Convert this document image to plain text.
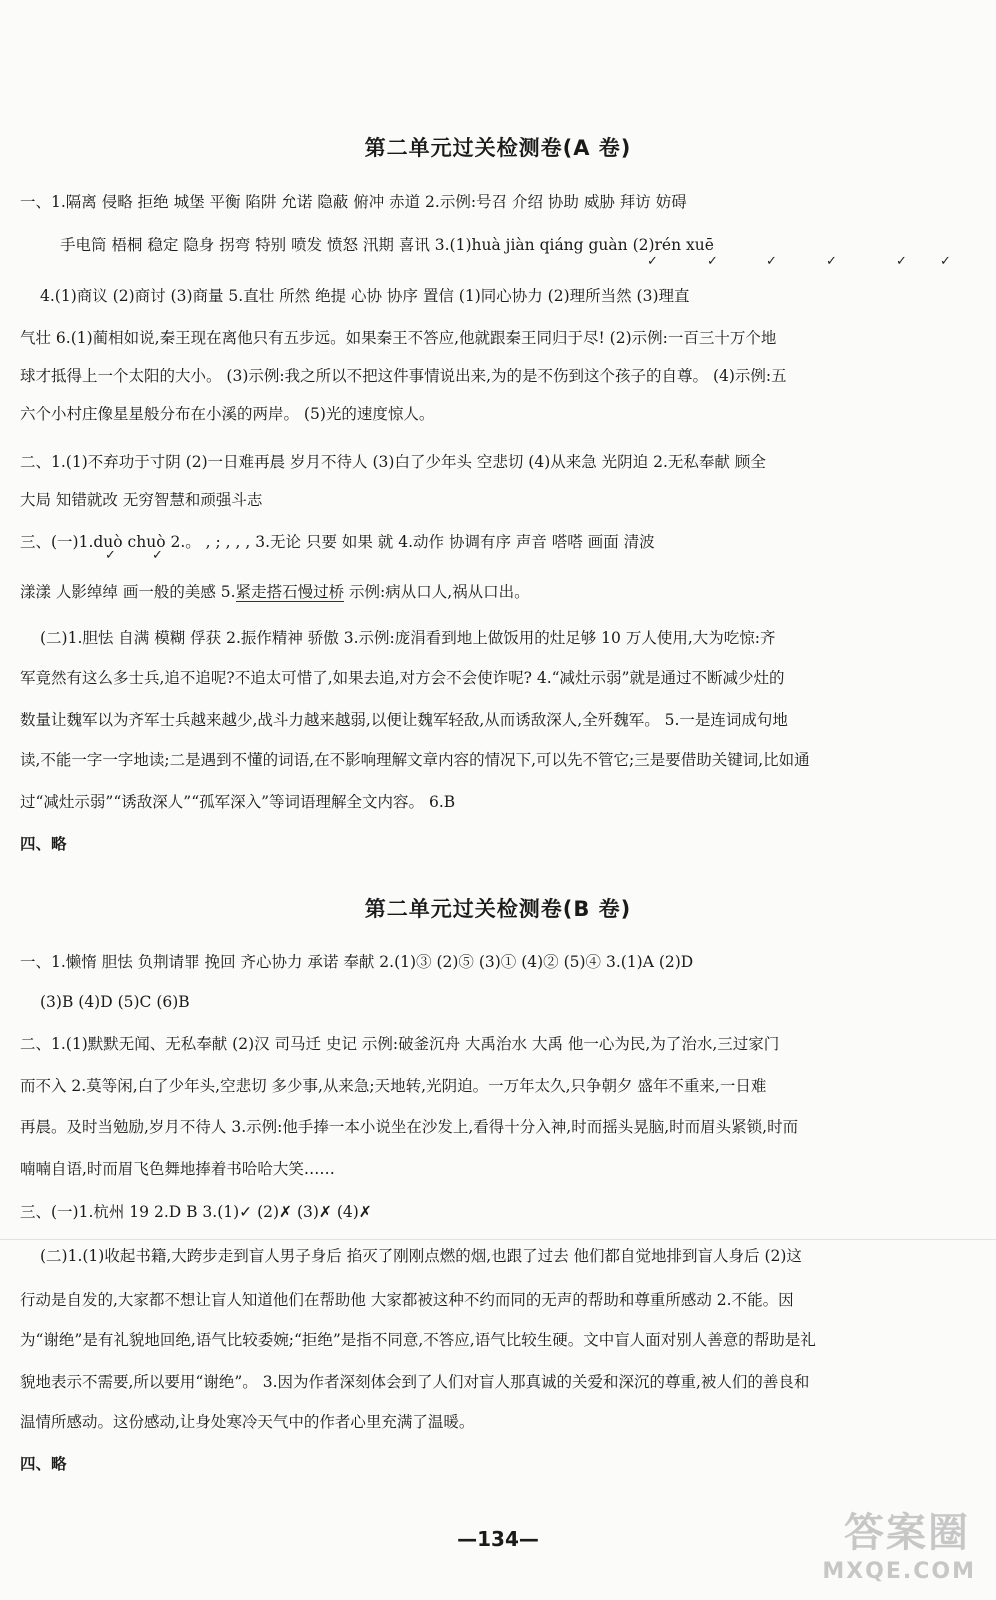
第二单元过关检测卷(A 卷)
一、1.隔离 侵略 拒绝 城堡 平衡 陷阱 允诺 隐蔽 俯冲 赤道 2.示例:号召 介绍 协助 威胁 拜访 妨碍
手电筒 梧桐 稳定 隐身 拐弯 特别 喷发 愤怒 汛期 喜讯 3.(1)huà jiàn qiáng guàn (2)rén xuē
✓	✓	✓	✓	✓	✓
4.(1)商议 (2)商讨 (3)商量 5.直壮 所然 绝提 心协 协序 置信 (1)同心协力 (2)理所当然 (3)理直
气壮 6.(1)蔺相如说,秦王现在离他只有五步远。如果秦王不答应,他就跟秦王同归于尽! (2)示例:一百三十万个地
球才抵得上一个太阳的大小。 (3)示例:我之所以不把这件事情说出来,为的是不伤到这个孩子的自尊。 (4)示例:五
六个小村庄像星星般分布在小溪的两岸。 (5)光的速度惊人。
二、1.(1)不弃功于寸阴 (2)一日难再晨 岁月不待人 (3)白了少年头 空悲切 (4)从来急 光阴迫 2.无私奉献 顾全
大局 知错就改 无穷智慧和顽强斗志
三、(一)1.duò chuò 2.。 , ; , , , 3.无论 只要 如果 就 4.动作 协调有序 声音 嗒嗒 画面 清波
✓	✓
漾漾 人影绰绰 画一般的美感 5.紧走搭石慢过桥 示例:病从口人,祸从口出。
(二)1.胆怯 自满 模糊 俘获 2.振作精神 骄傲 3.示例:庞涓看到地上做饭用的灶足够 10 万人使用,大为吃惊:齐
军竟然有这么多士兵,追不追呢?不追太可惜了,如果去追,对方会不会使诈呢? 4.“减灶示弱”就是通过不断减少灶的
数量让魏军以为齐军士兵越来越少,战斗力越来越弱,以便让魏军轻敌,从而诱敌深人,全歼魏军。 5.一是连词成句地
读,不能一字一字地读;二是遇到不懂的词语,在不影响理解文章内容的情况下,可以先不管它;三是要借助关键词,比如通
过“减灶示弱”“诱敌深人”“孤军深入”等词语理解全文内容。 6.B
四、略
第二单元过关检测卷(B 卷)
一、1.懒惰 胆怯 负荆请罪 挽回 齐心协力 承诺 奉献 2.(1)③ (2)⑤ (3)① (4)② (5)④ 3.(1)A (2)D
(3)B (4)D (5)C (6)B
二、1.(1)默默无闻、无私奉献 (2)汉 司马迁 史记 示例:破釜沉舟 大禹治水 大禹 他一心为民,为了治水,三过家门
而不入 2.莫等闲,白了少年头,空悲切 多少事,从来急;天地转,光阴迫。一万年太久,只争朝夕 盛年不重来,一日难
再晨。及时当勉励,岁月不待人 3.示例:他手捧一本小说坐在沙发上,看得十分入神,时而摇头晃脑,时而眉头紧锁,时而
喃喃自语,时而眉飞色舞地捧着书哈哈大笑……
三、(一)1.杭州 19 2.D B 3.(1)✓ (2)✗ (3)✗ (4)✗
(二)1.(1)收起书籍,大跨步走到盲人男子身后 掐灭了刚刚点燃的烟,也跟了过去 他们都自觉地排到盲人身后 (2)这
行动是自发的,大家都不想让盲人知道他们在帮助他 大家都被这种不约而同的无声的帮助和尊重所感动 2.不能。因
为“谢绝”是有礼貌地回绝,语气比较委婉;“拒绝”是指不同意,不答应,语气比较生硬。文中盲人面对别人善意的帮助是礼
貌地表示不需要,所以要用“谢绝”。 3.因为作者深刻体会到了人们对盲人那真诚的关爱和深沉的尊重,被人们的善良和
温情所感动。这份感动,让身处寒冷天气中的作者心里充满了温暖。
四、略
—134—	答案圈
MXQE.COM
